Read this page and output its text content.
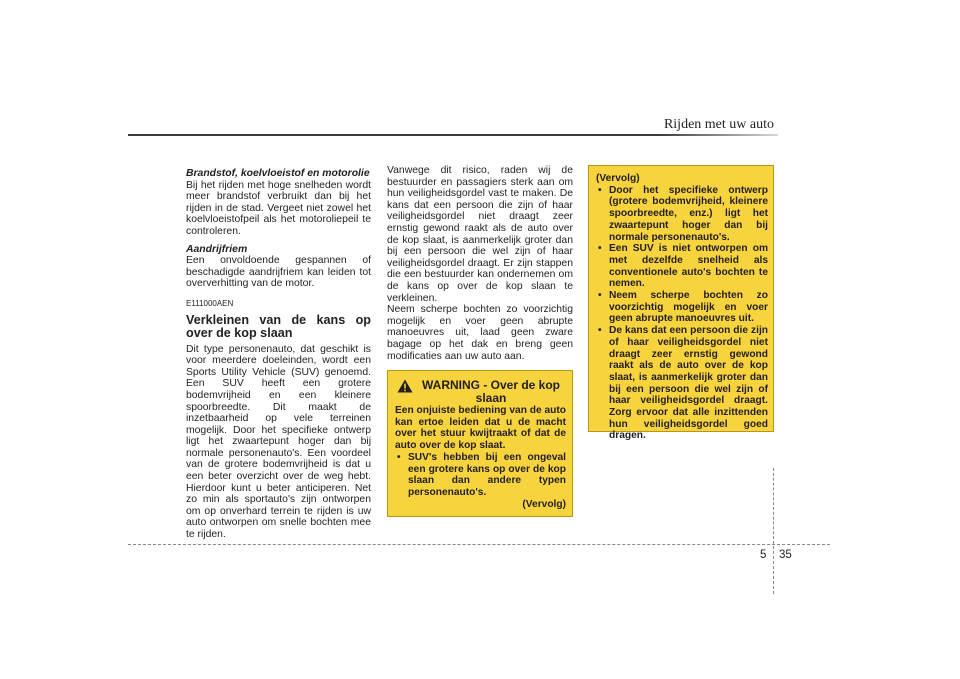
Rijden met uw auto

Brandstof, koelvloeistof en motorolie

Bij het rijden met hoge snelheden wordt meer brandstof verbruikt dan bij het rijden in de stad. Vergeet niet zowel het koelvloeistofpeil als het motoroliepeil te controleren.

Aandrijfriem

Een onvoldoende gespannen of beschadigde aandrijfriem kan leiden tot oververhitting van de motor.

E111000AEN

Verkleinen van de kans op over de kop slaan

Dit type personenauto, dat geschikt is voor meerdere doeleinden, wordt een Sports Utility Vehicle (SUV) genoemd. Een SUV heeft een grotere bodemvrijheid en een kleinere spoorbreedte. Dit maakt de inzetbaarheid op vele terreinen mogelijk. Door het specifieke ontwerp ligt het zwaartepunt hoger dan bij normale personenauto's. Een voordeel van de grotere bodemvrijheid is dat u een beter overzicht over de weg hebt. Hierdoor kunt u beter anticiperen. Net zo min als sportauto's zijn ontworpen om op onverhard terrein te rijden is uw auto ontworpen om snelle bochten mee te rijden.

Vanwege dit risico, raden wij de bestuurder en passagiers sterk aan om hun veiligheidsgordel vast te maken. De kans dat een persoon die zijn of haar veiligheidsgordel niet draagt zeer ernstig gewond raakt als de auto over de kop slaat, is aanmerkelijk groter dan bij een persoon die wel zijn of haar veiligheidsgordel draagt. Er zijn stappen die een bestuurder kan ondernemen om de kans op over de kop slaan te verkleinen.

Neem scherpe bochten zo voorzichtig mogelijk en voer geen abrupte manoeuvres uit, laad geen zware bagage op het dak en breng geen modificaties aan uw auto aan.

WARNING - Over de kop slaan
Een onjuiste bediening van de auto kan ertoe leiden dat u de macht over het stuur kwijtraakt of dat de auto over de kop slaat.
• SUV's hebben bij een ongeval een grotere kans op over de kop slaan dan andere typen personenauto's.
(Vervolg)
(Vervolg)
• Door het specifieke ontwerp (grotere bodemvrijheid, kleinere spoorbreedte, enz.) ligt het zwaartepunt hoger dan bij normale personenauto's.
• Een SUV is niet ontworpen om met dezelfde snelheid als conventionele auto's bochten te nemen.
• Neem scherpe bochten zo voorzichtig mogelijk en voer geen abrupte manoeuvres uit.
• De kans dat een persoon die zijn of haar veiligheidsgordel niet draagt zeer ernstig gewond raakt als de auto over de kop slaat, is aanmerkelijk groter dan bij een persoon die wel zijn of haar veiligheidsgordel draagt. Zorg ervoor dat alle inzittenden hun veiligheidsgordel goed dragen.
5 35
